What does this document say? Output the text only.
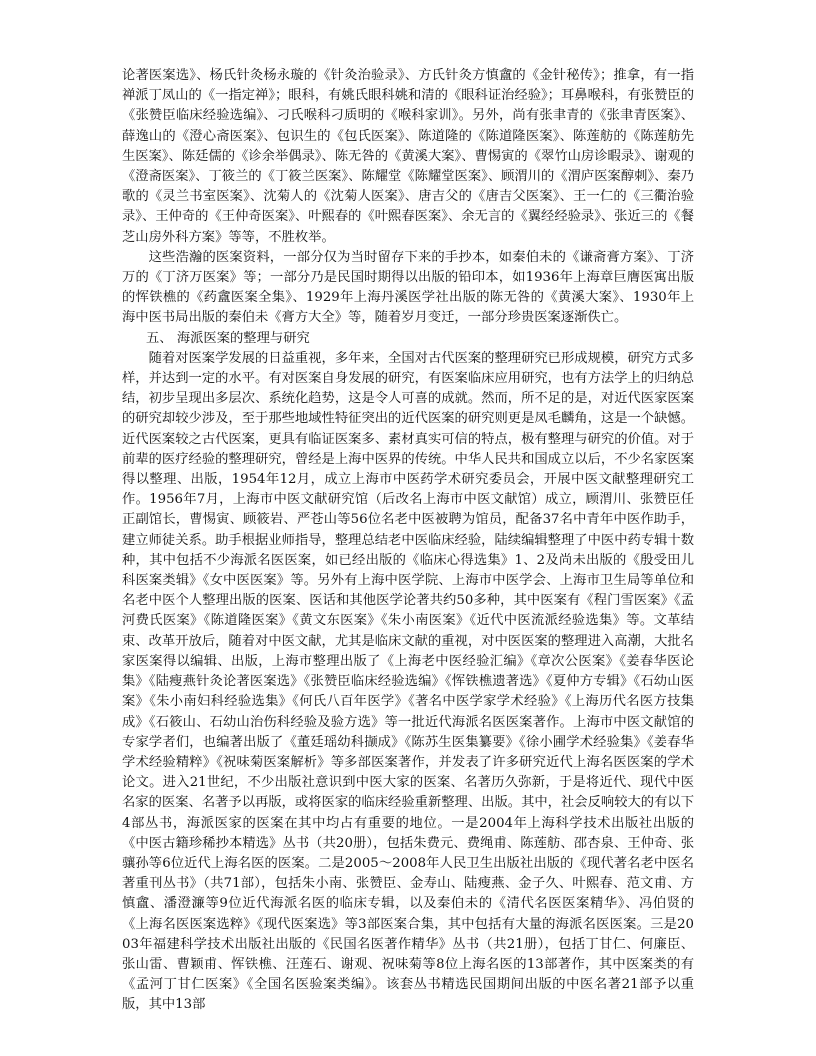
论著医案选》、杨氏针灸杨永璇的《针灸治验录》、方氏针灸方慎盦的《金针秘传》；推拿，有一指禅派丁凤山的《一指定禅》；眼科，有姚氏眼科姚和清的《眼科证治经验》；耳鼻喉科，有张赞臣的《张赞臣临床经验选编》、刁氏喉科刁质明的《喉科家训》。另外，尚有张聿青的《张聿青医案》、薛逸山的《澄心斋医案》、包识生的《包氏医案》、陈道隆的《陈道隆医案》、陈莲舫的《陈莲舫先生医案》、陈廷儒的《诊余举偶录》、陈无咎的《黄溪大案》、曹惕寅的《翠竹山房诊暇录》、谢观的《澄斋医案》、丁筱兰的《丁筱兰医案》、陈耀堂《陈耀堂医案》、顾渭川的《渭庐医案醇刺》、秦乃歌的《灵兰书室医案》、沈菊人的《沈菊人医案》、唐吉父的《唐吉父医案》、王一仁的《三衢治验录》、王仲奇的《王仲奇医案》、叶熙春的《叶熙春医案》、余无言的《翼经经验录》、张近三的《餐芝山房外科方案》等等，不胜枚举。

这些浩瀚的医案资料，一部分仅为当时留存下来的手抄本，如秦伯未的《谦斋膏方案》、丁济万的《丁济万医案》等；一部分乃是民国时期得以出版的铅印本，如1936年上海章巨膺医寓出版的恽铁樵的《药盦医案全集》、1929年上海丹溪医学社出版的陈无咎的《黄溪大案》、1930年上海中医书局出版的秦伯未《膏方大全》等，随着岁月变迁，一部分珍贵医案逐渐佚亡。

五、 海派医案的整理与研究

随着对医案学发展的日益重视，多年来，全国对古代医案的整理研究已形成规模，研究方式多样，并达到一定的水平。有对医案自身发展的研究，有医案临床应用研究，也有方法学上的归纳总结，初步呈现出多层次、系统化趋势，这是令人可喜的成就。然而，所不足的是，对近代医家医案的研究却较少涉及，至于那些地域性特征突出的近代医案的研究则更是凤毛麟角，这是一个缺憾。近代医案较之古代医案，更具有临证医案多、素材真实可信的特点，极有整理与研究的价值。对于前辈的医疗经验的整理研究，曾经是上海中医界的传统。中华人民共和国成立以后，不少名家医案得以整理、出版，1954年12月，成立上海市中医药学术研究委员会，开展中医文献整理研究工作。1956年7月，上海市中医文献研究馆（后改名上海市中医文献馆）成立，顾渭川、张赞臣任正副馆长，曹惕寅、顾筱岩、严苍山等56位名老中医被聘为馆员，配备37名中青年中医作助手，建立师徒关系。助手根据业师指导，整理总结老中医临床经验，陆续编辑整理了中医中药专辑十数种，其中包括不少海派名医医案，如已经出版的《临床心得选集》1、2及尚未出版的《殷受田儿科医案类辑》《女中医医案》等。另外有上海中医学院、上海市中医学会、上海市卫生局等单位和名老中医个人整理出版的医案、医话和其他医学论著共约50多种，其中医案有《程门雪医案》《孟河费氏医案》《陈道隆医案》《黄文东医案》《朱小南医案》《近代中医流派经验选集》等。文革结束、改革开放后，随着对中医文献，尤其是临床文献的重视，对中医医案的整理进入高潮，大批名家医案得以编辑、出版，上海市整理出版了《上海老中医经验汇编》《章次公医案》《姜春华医论集》《陆瘦燕针灸论著医案选》《张赞臣临床经验选编》《恽铁樵遗著选》《夏仲方专辑》《石幼山医案》《朱小南妇科经验选集》《何氏八百年医学》《著名中医学家学术经验》《上海历代名医方技集成》《石筱山、石幼山治伤科经验及验方选》等一批近代海派名医医案著作。上海市中医文献馆的专家学者们，也编著出版了《董廷瑶幼科撷成》《陈苏生医集纂要》《徐小圃学术经验集》《姜春华学术经验精粹》《祝味菊医案解析》等多部医案著作，并发表了许多研究近代上海名医医案的学术论文。进入21世纪，不少出版社意识到中医大家的医案、名著历久弥新，于是将近代、现代中医名家的医案、名著予以再版，或将医家的临床经验重新整理、出版。其中，社会反响较大的有以下4部丛书，海派医家的医案在其中均占有重要的地位。一是2004年上海科学技术出版社出版的《中医古籍珍稀抄本精选》丛书（共20册），包括朱费元、费绳甫、陈莲舫、邵杏泉、王仲奇、张骧孙等6位近代上海名医的医案。二是2005～2008年人民卫生出版社出版的《现代著名老中医名著重刊丛书》（共71部），包括朱小南、张赞臣、金寿山、陆瘦燕、金子久、叶熙春、范文甫、方慎盦、潘澄濂等9位近代海派名医的临床专辑，以及秦伯未的《清代名医医案精华》、冯伯贤的《上海名医医案选粹》《现代医案选》等3部医案合集，其中包括有大量的海派名医医案。三是2003年福建科学技术出版社出版的《民国名医著作精华》丛书（共21册），包括丁甘仁、何廉臣、张山雷、曹颖甫、恽铁樵、汪莲石、谢观、祝味菊等8位上海名医的13部著作，其中医案类的有《孟河丁甘仁医案》《全国名医验案类编》。该套丛书精选民国期间出版的中医名著21部予以重版，其中13部
